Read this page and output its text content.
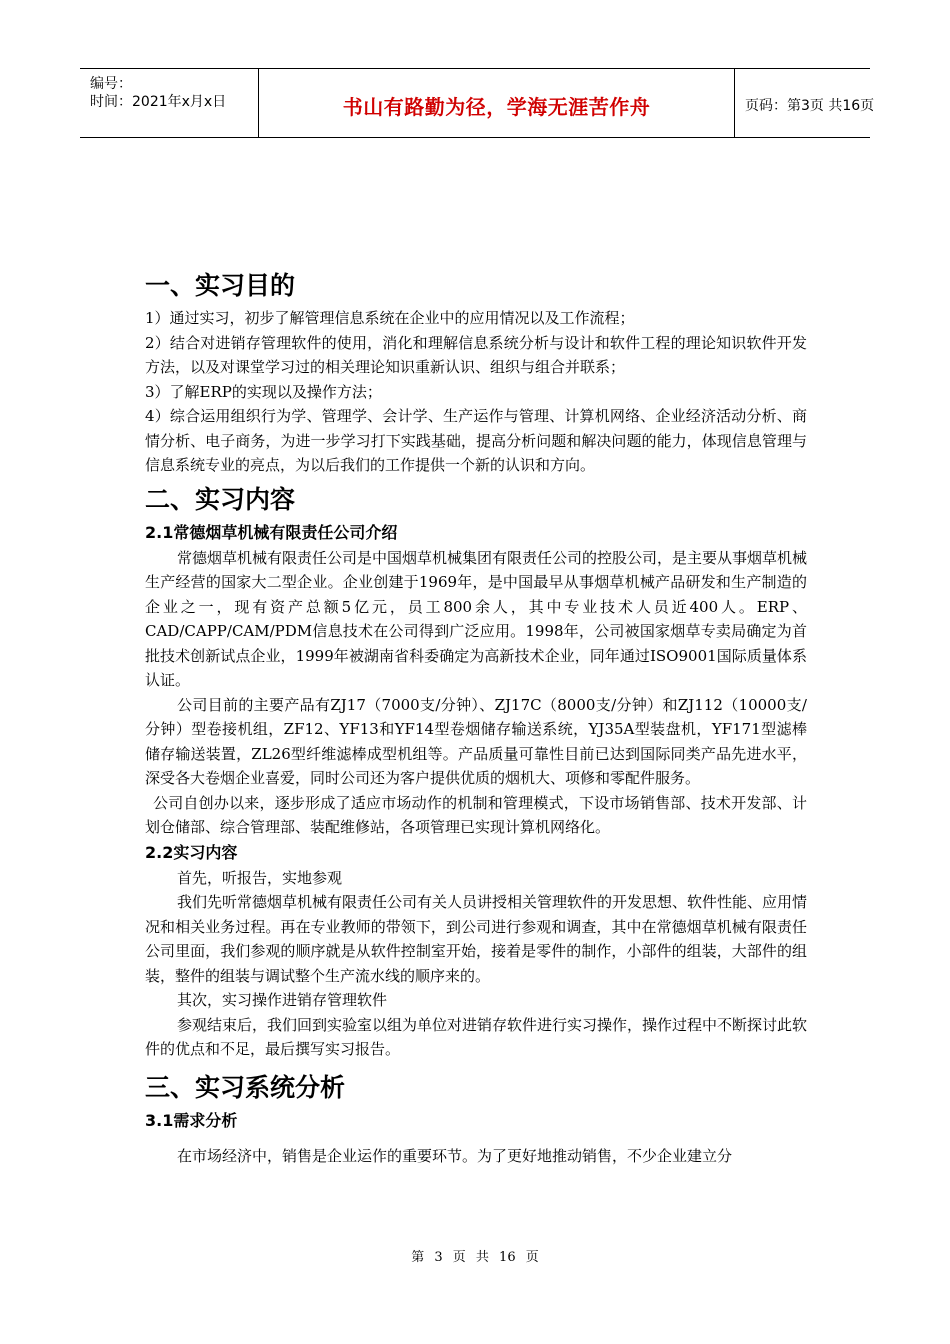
编号：
时间：2021年x月x日	书山有路勤为径，学海无涯苦作舟	页码：第3页 共16页
一、实习目的

1）通过实习，初步了解管理信息系统在企业中的应用情况以及工作流程；

2）结合对进销存管理软件的使用，消化和理解信息系统分析与设计和软件工程的理论知识软件开发方法，以及对课堂学习过的相关理论知识重新认识、组织与组合并联系；

3）了解ERP的实现以及操作方法；

4）综合运用组织行为学、管理学、会计学、生产运作与管理、计算机网络、企业经济活动分析、商情分析、电子商务，为进一步学习打下实践基础，提高分析问题和解决问题的能力，体现信息管理与信息系统专业的亮点，为以后我们的工作提供一个新的认识和方向。

二、实习内容
2.1常德烟草机械有限责任公司介绍

常德烟草机械有限责任公司是中国烟草机械集团有限责任公司的控股公司，是主要从事烟草机械生产经营的国家大二型企业。企业创建于1969年，是中国最早从事烟草机械产品研发和生产制造的企业之一，现有资产总额5亿元，员工800余人，其中专业技术人员近400人。ERP、CAD/CAPP/CAM/PDM信息技术在公司得到广泛应用。1998年，公司被国家烟草专卖局确定为首批技术创新试点企业，1999年被湖南省科委确定为高新技术企业，同年通过ISO9001国际质量体系认证。

公司目前的主要产品有ZJ17（7000支/分钟）、ZJ17C（8000支/分钟）和ZJ112（10000支/分钟）型卷接机组，ZF12、YF13和YF14型卷烟储存输送系统，YJ35A型装盘机，YF171型滤棒储存输送装置，ZL26型纤维滤棒成型机组等。产品质量可靠性目前已达到国际同类产品先进水平，深受各大卷烟企业喜爱，同时公司还为客户提供优质的烟机大、项修和零配件服务。

公司自创办以来，逐步形成了适应市场动作的机制和管理模式，下设市场销售部、技术开发部、计划仓储部、综合管理部、装配维修站，各项管理已实现计算机网络化。

2.2实习内容

首先，听报告，实地参观

我们先听常德烟草机械有限责任公司有关人员讲授相关管理软件的开发思想、软件性能、应用情况和相关业务过程。再在专业教师的带领下，到公司进行参观和调查，其中在常德烟草机械有限责任公司里面，我们参观的顺序就是从软件控制室开始，接着是零件的制作，小部件的组装，大部件的组装，整件的组装与调试整个生产流水线的顺序来的。

其次，实习操作进销存管理软件

参观结束后，我们回到实验室以组为单位对进销存软件进行实习操作，操作过程中不断探讨此软件的优点和不足，最后撰写实习报告。

三、实习系统分析
3.1需求分析

在市场经济中，销售是企业运作的重要环节。为了更好地推动销售，不少企业建立分

第 3 页 共 16 页
